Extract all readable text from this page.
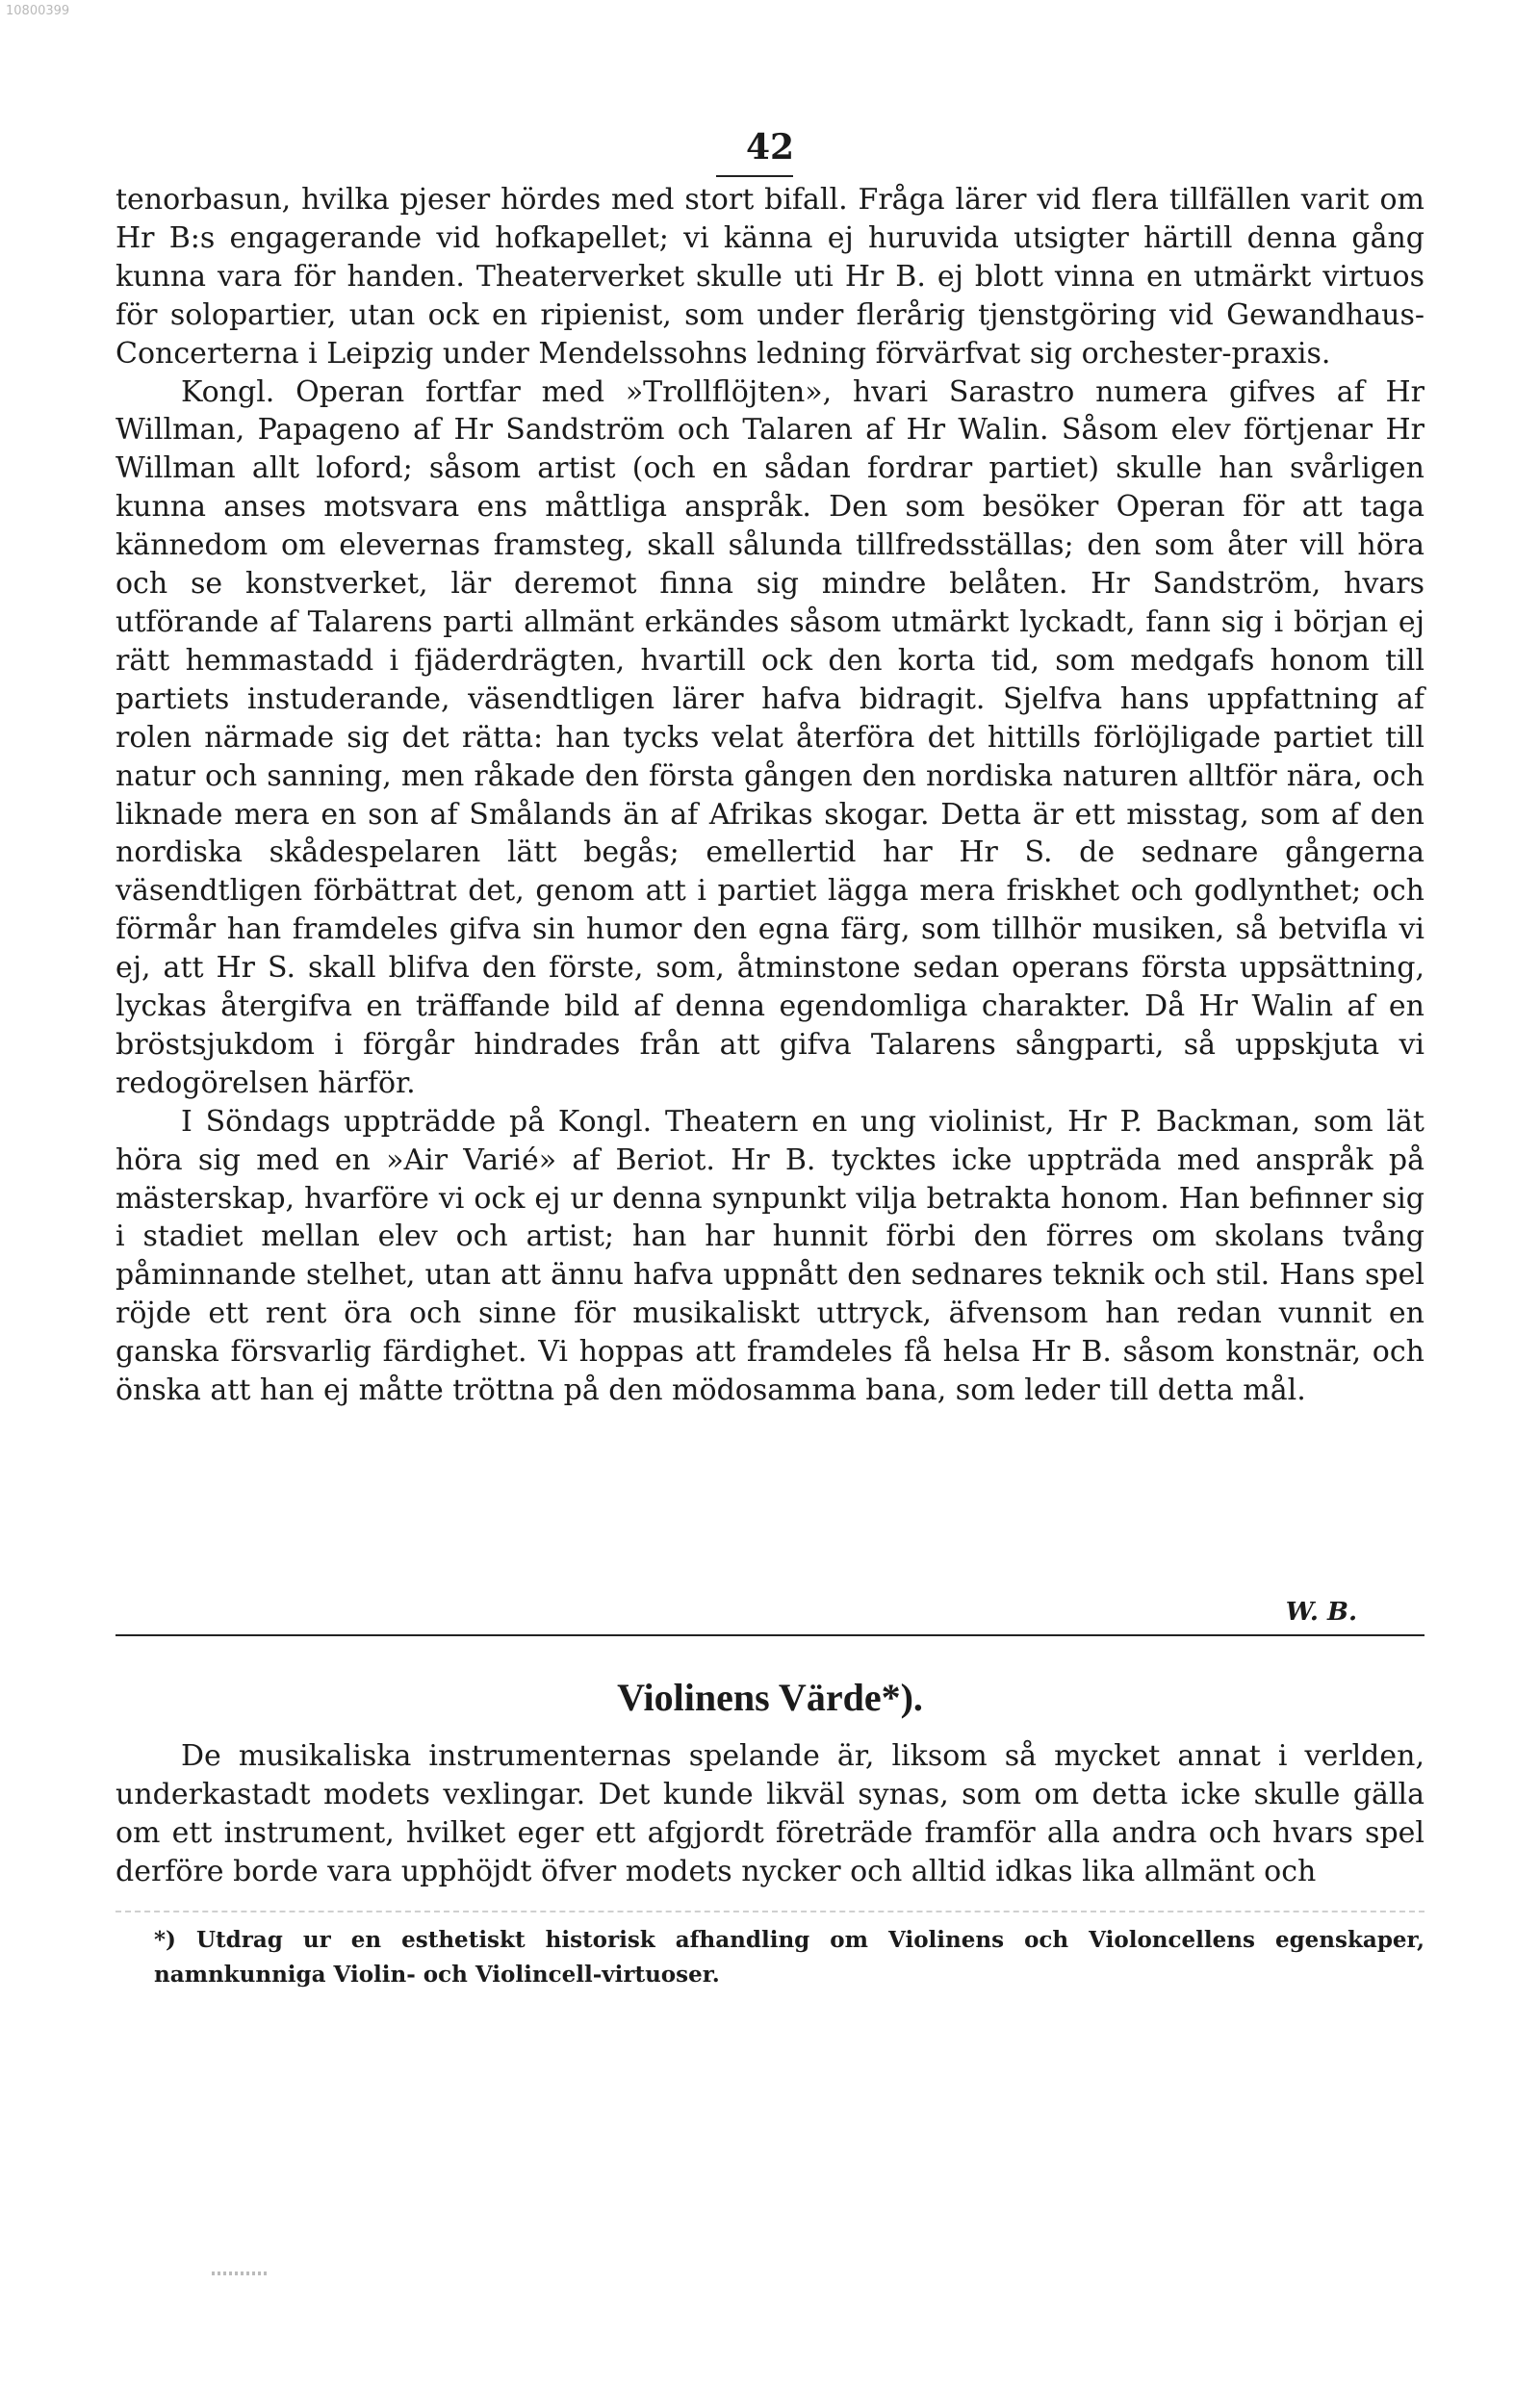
10800399
42

tenorbasun, hvilka pjeser hördes med stort bifall. Fråga lärer vid flera tillfällen varit om Hr B:s engagerande vid hofkapellet; vi känna ej huruvida utsigter härtill denna gång kunna vara för handen. Theaterverket skulle uti Hr B. ej blott vinna en utmärkt virtuos för solopartier, utan ock en ripienist, som under flerårig tjenstgöring vid Gewandhaus-Concerterna i Leipzig under Mendelssohns ledning förvärfvat sig orchester-praxis.

Kongl. Operan fortfar med »Trollflöjten», hvari Sarastro numera gifves af Hr Willman, Papageno af Hr Sandström och Talaren af Hr Walin. Såsom elev förtjenar Hr Willman allt loford; såsom artist (och en sådan fordrar partiet) skulle han svårligen kunna anses motsvara ens måttliga anspråk. Den som besöker Operan för att taga kännedom om elevernas framsteg, skall sålunda tillfredsställas; den som åter vill höra och se konstverket, lär deremot finna sig mindre belåten. Hr Sandström, hvars utförande af Talarens parti allmänt erkändes såsom utmärkt lyckadt, fann sig i början ej rätt hemmastadd i fjäderdrägten, hvartill ock den korta tid, som medgafs honom till partiets instuderande, väsendtligen lärer hafva bidragit. Sjelfva hans uppfattning af rolen närmade sig det rätta: han tycks velat återföra det hittills förlöjligade partiet till natur och sanning, men råkade den första gången den nordiska naturen alltför nära, och liknade mera en son af Smålands än af Afrikas skogar. Detta är ett misstag, som af den nordiska skådespelaren lätt begås; emellertid har Hr S. de sednare gångerna väsendtligen förbättrat det, genom att i partiet lägga mera friskhet och godlynthet; och förmår han framdeles gifva sin humor den egna färg, som tillhör musiken, så betvifla vi ej, att Hr S. skall blifva den förste, som, åtminstone sedan operans första uppsättning, lyckas återgifva en träffande bild af denna egendomliga charakter. Då Hr Walin af en bröstsjukdom i förgår hindrades från att gifva Talarens sångparti, så uppskjuta vi redogörelsen härför.

I Söndags uppträdde på Kongl. Theatern en ung violinist, Hr P. Backman, som lät höra sig med en »Air Varié» af Beriot. Hr B. tycktes icke uppträda med anspråk på mästerskap, hvarföre vi ock ej ur denna synpunkt vilja betrakta honom. Han befinner sig i stadiet mellan elev och artist; han har hunnit förbi den förres om skolans tvång påminnande stelhet, utan att ännu hafva uppnått den sednares teknik och stil. Hans spel röjde ett rent öra och sinne för musikaliskt uttryck, äfvensom han redan vunnit en ganska försvarlig färdighet. Vi hoppas att framdeles få helsa Hr B. såsom konstnär, och önska att han ej måtte tröttna på den mödosamma bana, som leder till detta mål.

W. B.
Violinens Värde*).

De musikaliska instrumenternas spelande är, liksom så mycket annat i verlden, underkastadt modets vexlingar. Det kunde likväl synas, som om detta icke skulle gälla om ett instrument, hvilket eger ett afgjordt företräde framför alla andra och hvars spel derföre borde vara upphöjdt öfver modets nycker och alltid idkas lika allmänt och

*) Utdrag ur en esthetiskt historisk afhandling om Violinens och Violoncellens egenskaper, namnkunniga Violin- och Violincell-virtuoser.
